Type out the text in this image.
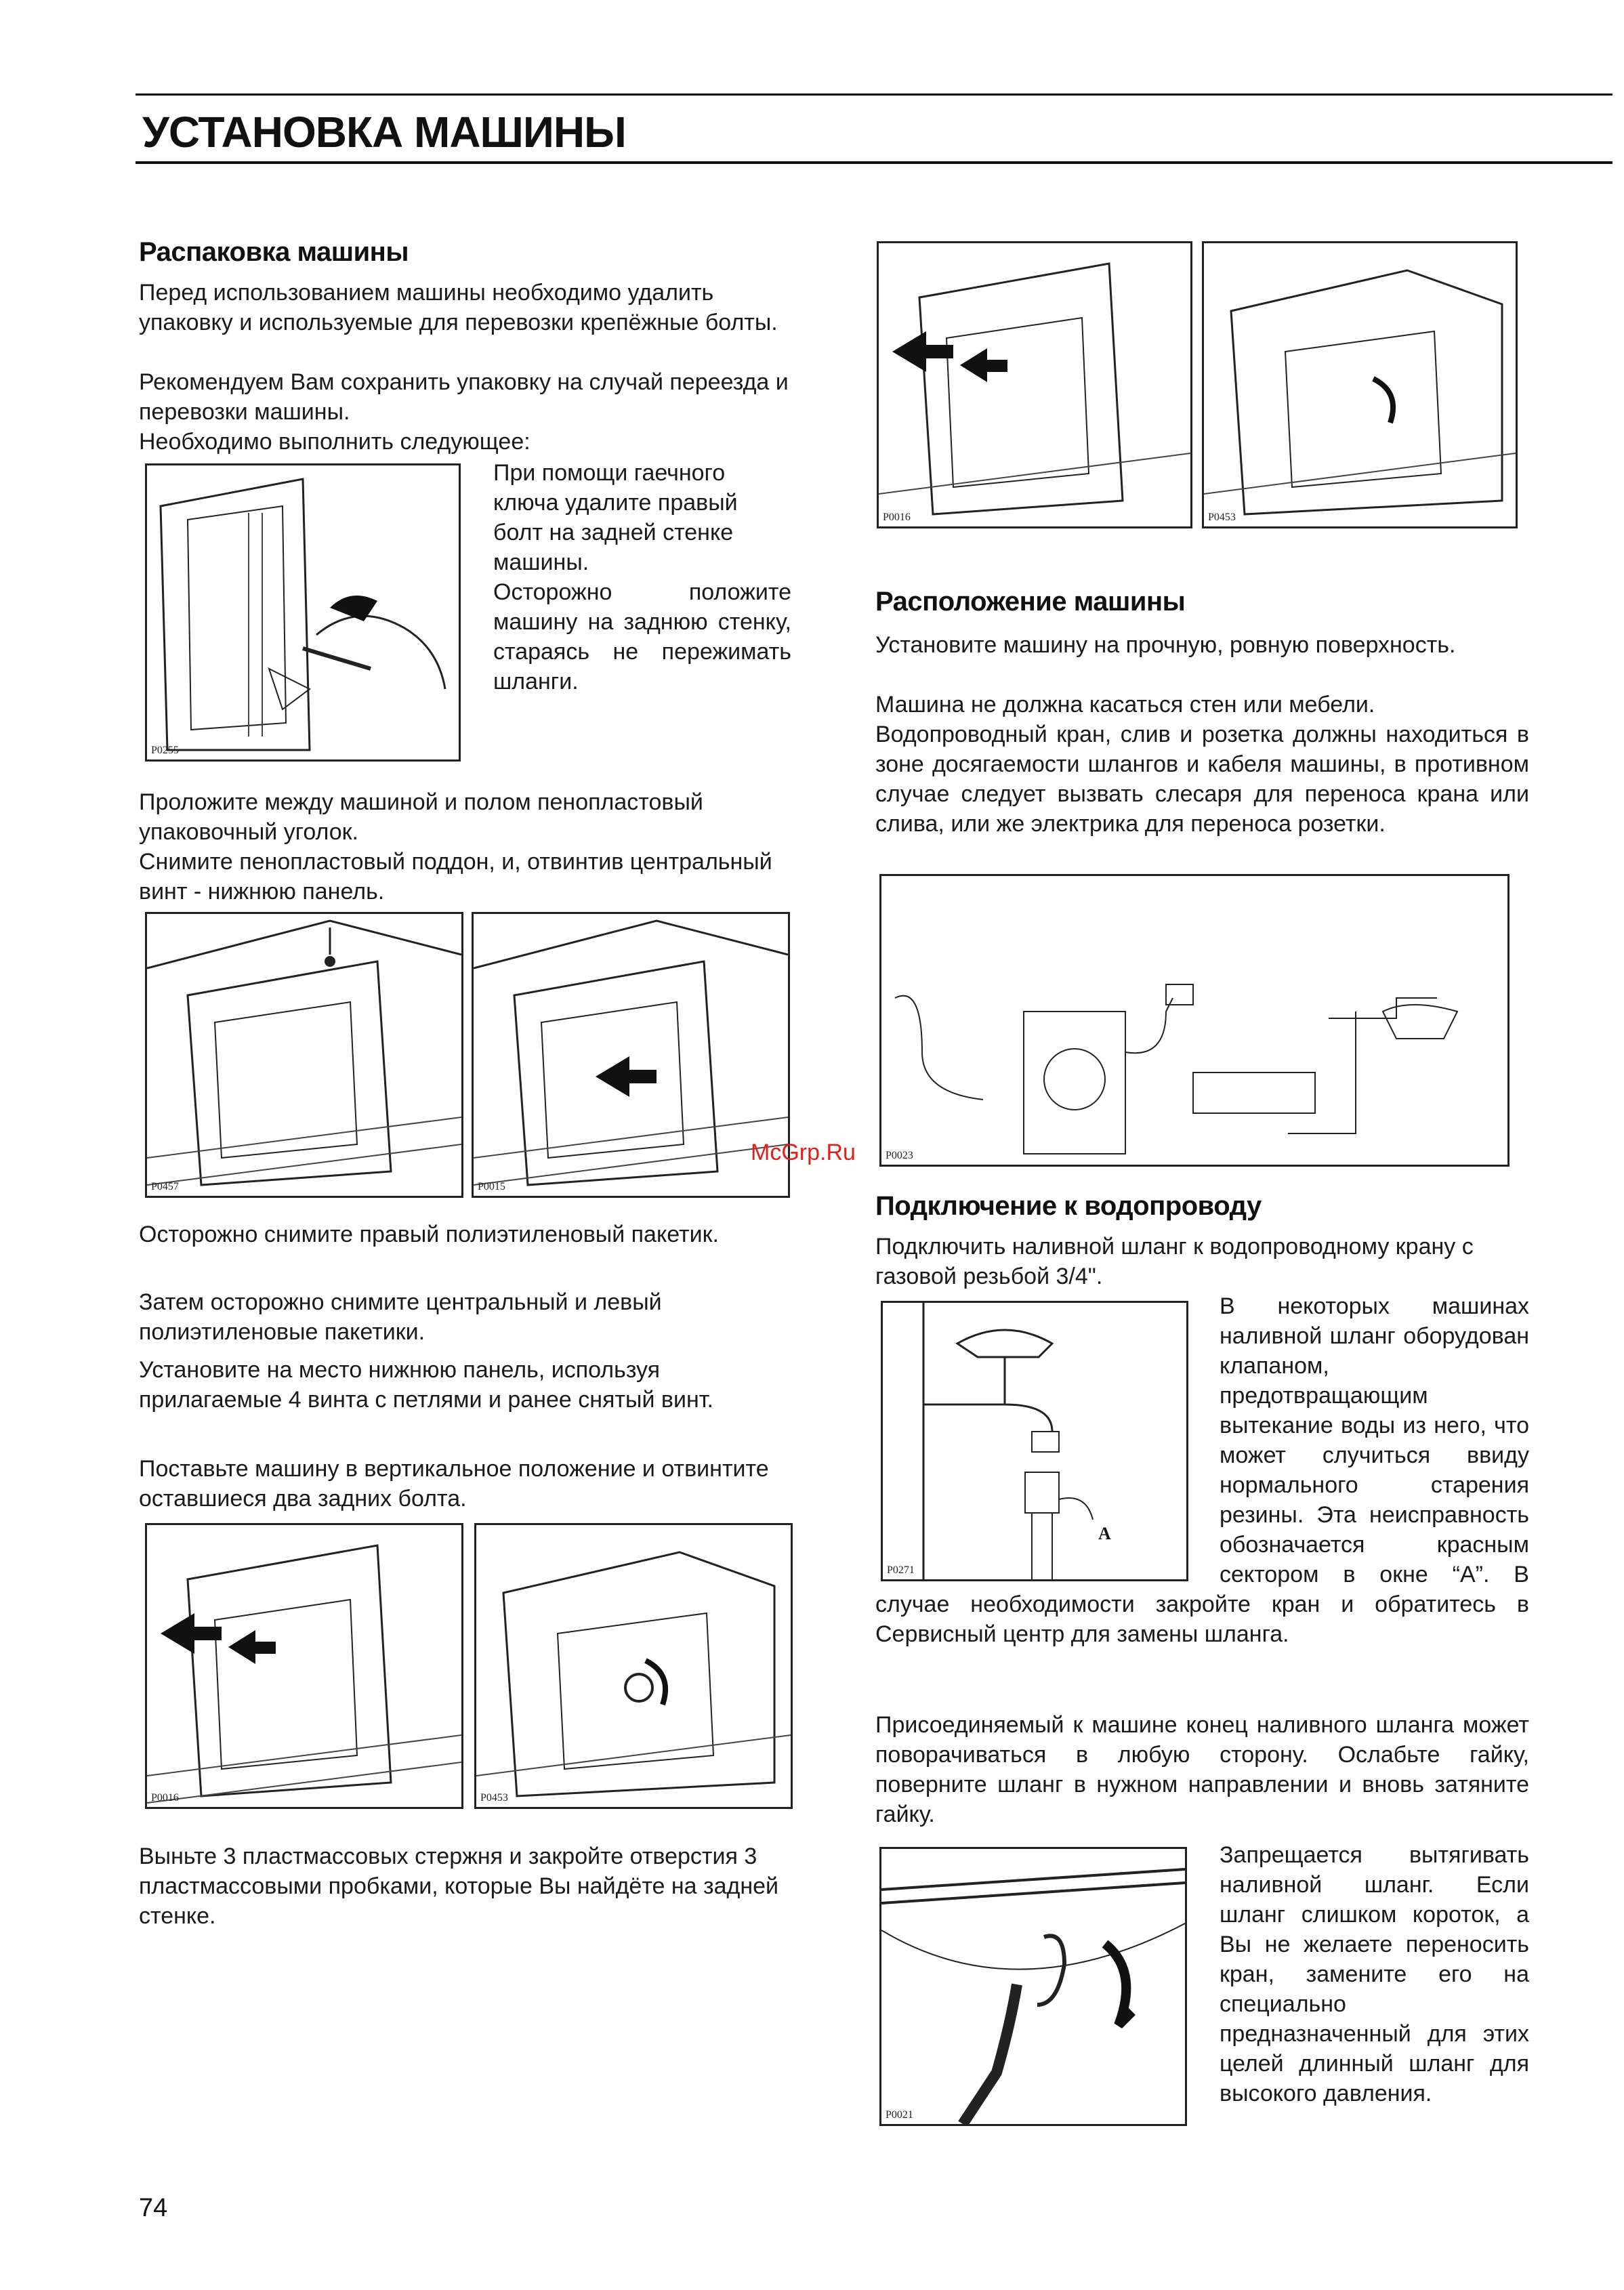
УСТАНОВКА МАШИНЫ
Распаковка машины

Перед использованием машины необходимо удалить упаковку и используемые для перевозки крепёжные болты.

Рекомендуем Вам сохранить упаковку на случай переезда и перевозки машины.

Необходимо выполнить следующее:

P0255

При помощи гаечного ключа удалите правый болт на задней стенке машины.

Осторожно положите машину на заднюю стенку, стараясь не пережимать шланги.

Проложите между машиной и полом пенопластовый упаковочный уголок.

Снимите пенопластовый поддон, и, отвинтив центральный винт - нижнюю панель.

P0457	P0015

Осторожно снимите правый полиэтиленовый пакетик.

Затем осторожно снимите центральный и левый полиэтиленовые пакетики.

Установите на место нижнюю панель, используя прилагаемые 4 винта с петлями и ранее снятый винт.

Поставьте машину в вертикальное положение и отвинтите оставшиеся два задних болта.

P0016	P0453

Выньте 3 пластмассовых стержня и закройте отверстия 3 пластмассовыми пробками, которые Вы найдёте на задней стенке.

P0016	P0453
Расположение машины

Установите машину на прочную, ровную поверхность.

Машина не должна касаться стен или мебели.

Водопроводный кран, слив и розетка должны находиться в зоне досягаемости шлангов и кабеля машины, в противном случае следует вызвать слесаря для переноса крана или слива, или же электрика для переноса розетки.

P0023
McGrp.Ru
Подключение к водопроводу

Подключить наливной шланг к водопроводному крану с газовой резьбой 3/4".

A
P0271

В некоторых машинах наливной шланг оборудован клапаном, предотвращающим вытекание воды из него, что может случиться ввиду нормального старения резины. Эта неисправность обозначается красным сектором в окне “А”. В случае необходимости закройте кран и обратитесь в Сервисный центр для замены шланга.

Присоединяемый к машине конец наливного шланга может поворачиваться в любую сторону. Ослабьте гайку, поверните шланг в нужном направлении и вновь затяните гайку.

P0021

Запрещается вытягивать наливной шланг. Если шланг слишком короток, а Вы не желаете переносить кран, замените его на специально предназначенный для этих целей длинный шланг для высокого давления.

74
